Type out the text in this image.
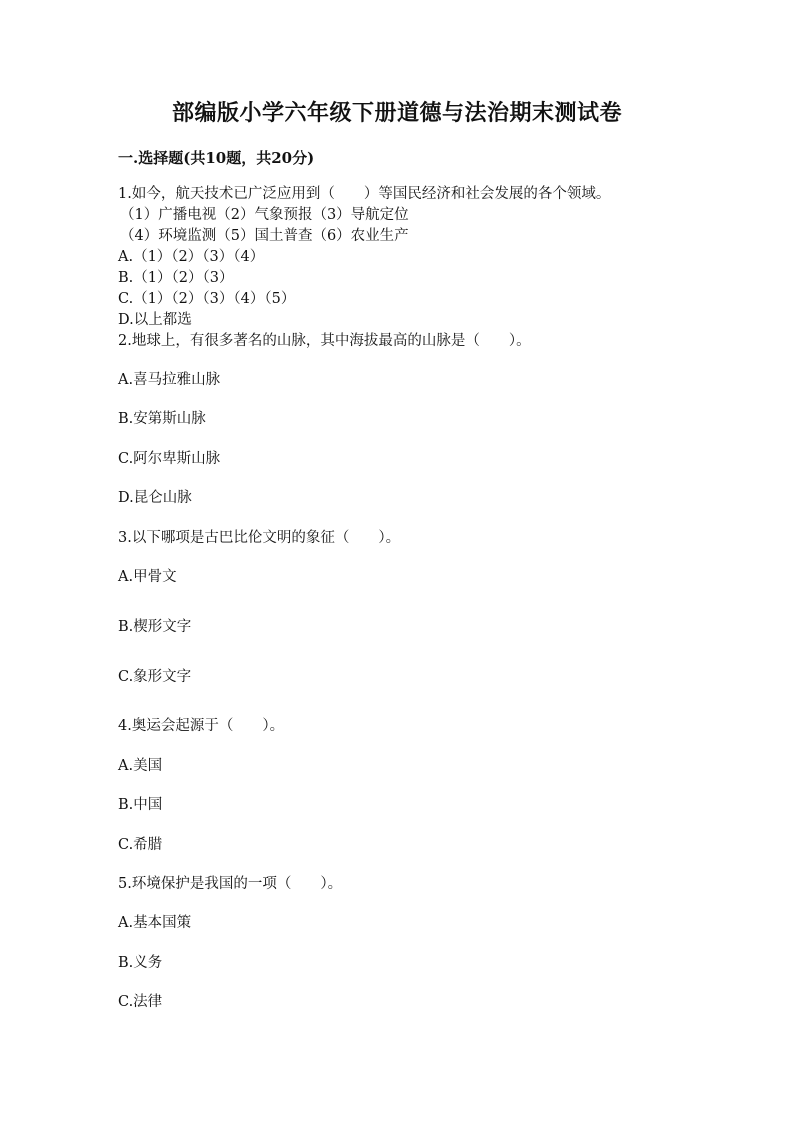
部编版小学六年级下册道德与法治期末测试卷
一.选择题(共10题，共20分)

1.如今，航天技术已广泛应用到（　　）等国民经济和社会发展的各个领域。

（1）广播电视（2）气象预报（3）导航定位

（4）环境监测（5）国土普查（6）农业生产

A.（1）（2）（3）（4）

B.（1）（2）（3）

C.（1）（2）（3）（4）（5）

D.以上都选

2.地球上，有很多著名的山脉，其中海拔最高的山脉是（　　）。

A.喜马拉雅山脉

B.安第斯山脉

C.阿尔卑斯山脉

D.昆仑山脉

3.以下哪项是古巴比伦文明的象征（　　）。

A.甲骨文

B.楔形文字

C.象形文字

4.奥运会起源于（　　）。

A.美国

B.中国

C.希腊

5.环境保护是我国的一项（　　）。

A.基本国策

B.义务

C.法律
